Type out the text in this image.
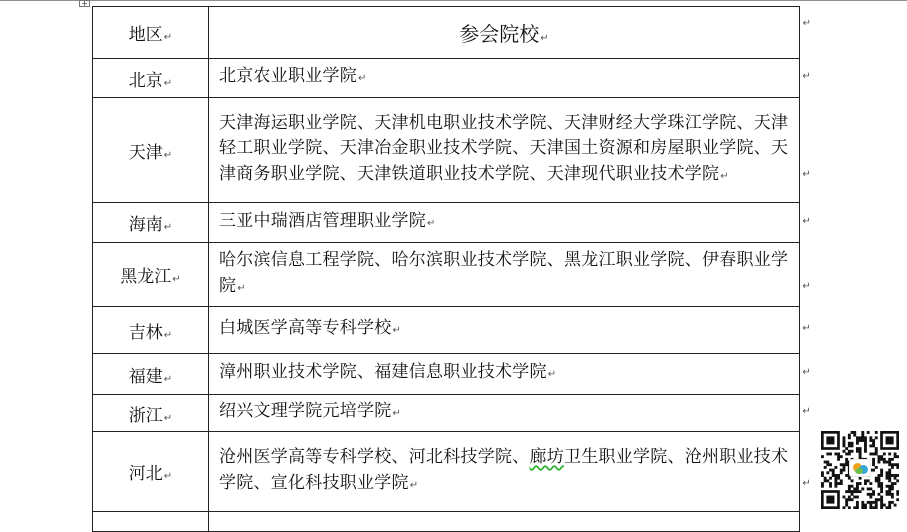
+
地区↵	参会院校↵
↵

北京↵	北京农业职业学院↵ ↵

天津↵	天津海运职业学院、天津机电职业技术学院、天津财经大学珠江学院、天津轻工职业学院、天津冶金职业技术学院、天津国土资源和房屋职业学院、天津商务职业学院、天津铁道职业技术学院、天津现代职业技术学院↵ ↵

海南↵	三亚中瑞酒店管理职业学院↵ ↵

黑龙江↵	哈尔滨信息工程学院、哈尔滨职业技术学院、黑龙江职业学院、伊春职业学院↵ ↵

吉林↵	白城医学高等专科学校↵ ↵

福建↵	漳州职业技术学院、福建信息职业技术学院↵ ↵

浙江↵	绍兴文理学院元培学院↵ ↵

河北↵	沧州医学高等专科学校、河北科技学院、廊坊卫生职业学院、沧州职业技术学院、宣化科技职业学院↵ ↵
